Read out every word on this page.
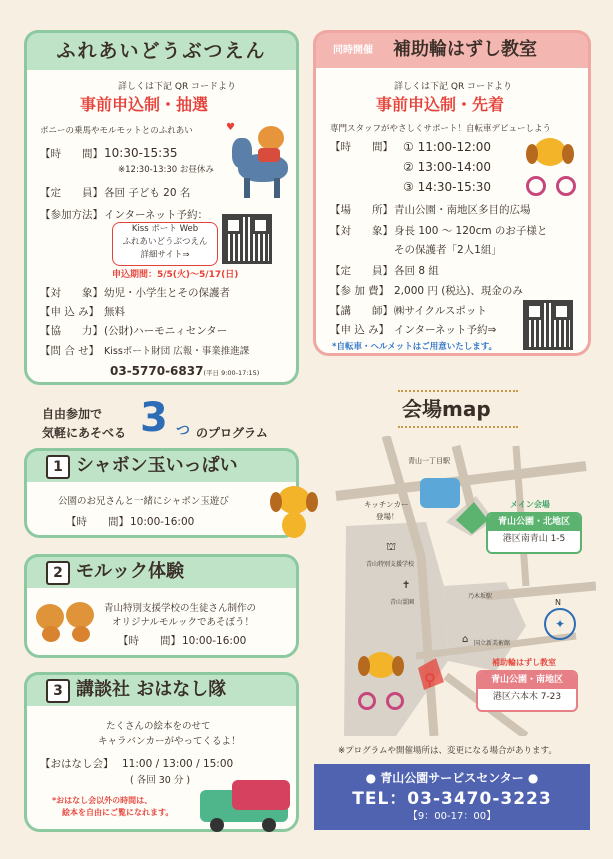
ふれあいどうぶつえん
詳しくは下記 QR コードより
事前申込制・抽選
ポニーの乗馬やモルモットとのふれあい	♥
【時　　間】10:30-15:35
※12:30-13:30 お昼休み
【定　　員】各回 子ども 20 名
【参加方法】インターネット予約：
Kiss ポート Web
ふれあいどうぶつえん
詳細サイト⇒
申込期間：5/5(火)〜5/17(日)
【対　　象】幼児・小学生とその保護者
【申 込 み】 無料
【協　　力】(公財)ハーモニィセンター
【問 合 せ】 Kissポート財団 広報・事業推進課
03-5770-6837(平日 9:00-17:15)
同時開催 補助輪はずし教室
詳しくは下記 QR コードより
事前申込制・先着
専門スタッフがやさしくサポート！自転車デビューしよう
【時　　間】 ① 11:00-12:00
② 13:00-14:00
③ 14:30-15:30
【場　　所】青山公園・南地区多目的広場
【対　　象】身長 100 〜 120cm のお子様と
その保護者「2人1組」
【定　　員】各回 8 組
【参 加 費】 2,000 円 (税込)、現金のみ
【講　　師】㈱サイクルスポット
【申 込 み】 インターネット予約⇒
*自転車・ヘルメットはご用意いたします。
自由参加で
気軽にあそべる 3 つ のプログラム
1 シャボン玉いっぱい
公園のお兄さんと一緒にシャボン玉遊び
【時　　間】10:00-16:00
2 モルック体験
青山特別支援学校の生徒さん制作の
オリジナルモルックであそぼう！
【時　　間】10:00-16:00
3 講談社 おはなし隊
たくさんの絵本をのせて
キャラバンカーがやってくるよ！
【おはなし会】 11:00 / 13:00 / 15:00
( 各回 30 分 )
*おはなし会以外の時間は、
絵本を自由にご覧になれます。
会場map
青山一丁目駅
キッチンカー
登場！
青山特別支援学校
青山霊園
乃木坂駅
国立新美術館
⛫
✝
⌂
⚲
メイン会場
青山公園・北地区
港区南青山 1-5
✦
N
補助輪はずし教室
青山公園・南地区
港区六本木 7-23
※プログラムや開催場所は、変更になる場合があります。
● 青山公園サービスセンター ●
TEL：03-3470-3223
【9：00-17：00】
